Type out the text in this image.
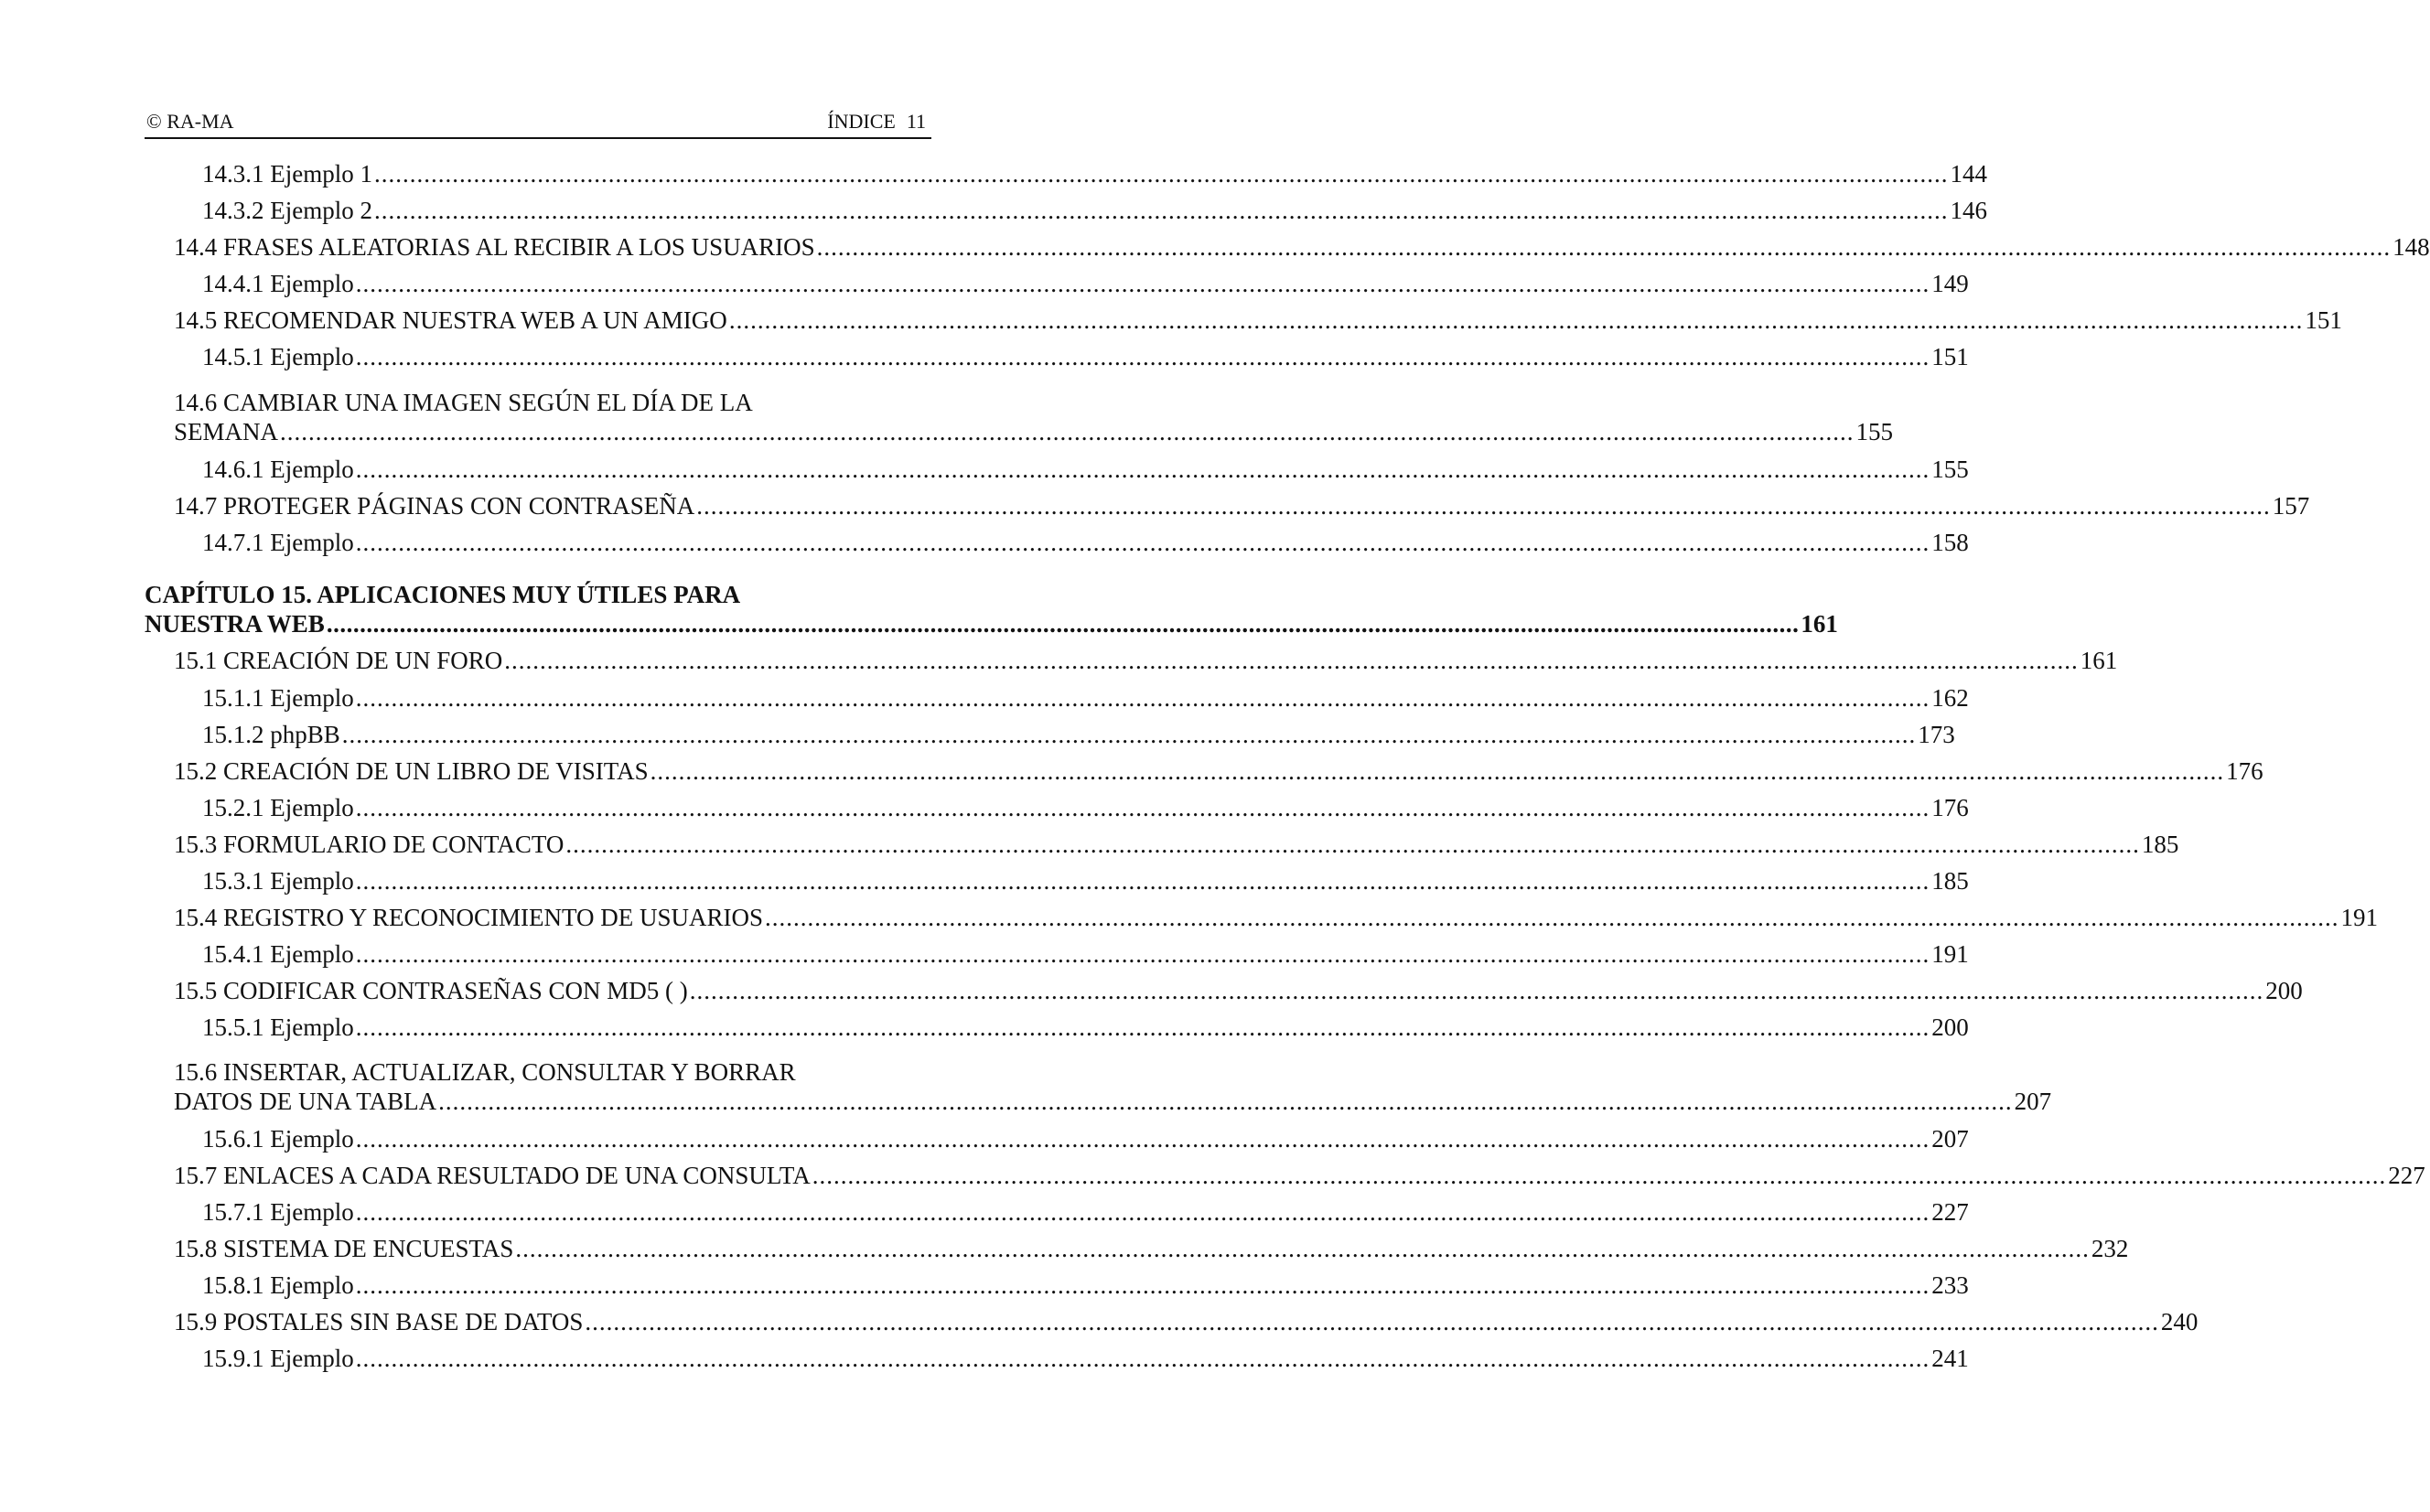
© RA-MA	ÍNDICE 11
14.3.1 Ejemplo 1 .............................................................................................................................................................................................................................. 144
14.3.2 Ejemplo 2 .............................................................................................................................................................................................................................. 146
14.4 FRASES ALEATORIAS AL RECIBIR A LOS USUARIOS .............................................................................................................................................................................................................................. 148
14.4.1 Ejemplo .............................................................................................................................................................................................................................. 149
14.5 RECOMENDAR NUESTRA WEB A UN AMIGO .............................................................................................................................................................................................................................. 151
14.5.1 Ejemplo .............................................................................................................................................................................................................................. 151
14.6 CAMBIAR UNA IMAGEN SEGÚN EL DÍA DE LA
SEMANA .............................................................................................................................................................................................................................. 155
14.6.1 Ejemplo .............................................................................................................................................................................................................................. 155
14.7 PROTEGER PÁGINAS CON CONTRASEÑA .............................................................................................................................................................................................................................. 157
14.7.1 Ejemplo .............................................................................................................................................................................................................................. 158
CAPÍTULO 15. APLICACIONES MUY ÚTILES PARA
NUESTRA WEB .............................................................................................................................................................................................................................. 161
15.1 CREACIÓN DE UN FORO .............................................................................................................................................................................................................................. 161
15.1.1 Ejemplo .............................................................................................................................................................................................................................. 162
15.1.2 phpBB .............................................................................................................................................................................................................................. 173
15.2 CREACIÓN DE UN LIBRO DE VISITAS .............................................................................................................................................................................................................................. 176
15.2.1 Ejemplo .............................................................................................................................................................................................................................. 176
15.3 FORMULARIO DE CONTACTO .............................................................................................................................................................................................................................. 185
15.3.1 Ejemplo .............................................................................................................................................................................................................................. 185
15.4 REGISTRO Y RECONOCIMIENTO DE USUARIOS .............................................................................................................................................................................................................................. 191
15.4.1 Ejemplo .............................................................................................................................................................................................................................. 191
15.5 CODIFICAR CONTRASEÑAS CON MD5 ( ) .............................................................................................................................................................................................................................. 200
15.5.1 Ejemplo .............................................................................................................................................................................................................................. 200
15.6 INSERTAR, ACTUALIZAR, CONSULTAR Y BORRAR
DATOS DE UNA TABLA .............................................................................................................................................................................................................................. 207
15.6.1 Ejemplo .............................................................................................................................................................................................................................. 207
15.7 ENLACES A CADA RESULTADO DE UNA CONSULTA .............................................................................................................................................................................................................................. 227
15.7.1 Ejemplo .............................................................................................................................................................................................................................. 227
15.8 SISTEMA DE ENCUESTAS .............................................................................................................................................................................................................................. 232
15.8.1 Ejemplo .............................................................................................................................................................................................................................. 233
15.9 POSTALES SIN BASE DE DATOS .............................................................................................................................................................................................................................. 240
15.9.1 Ejemplo .............................................................................................................................................................................................................................. 241
